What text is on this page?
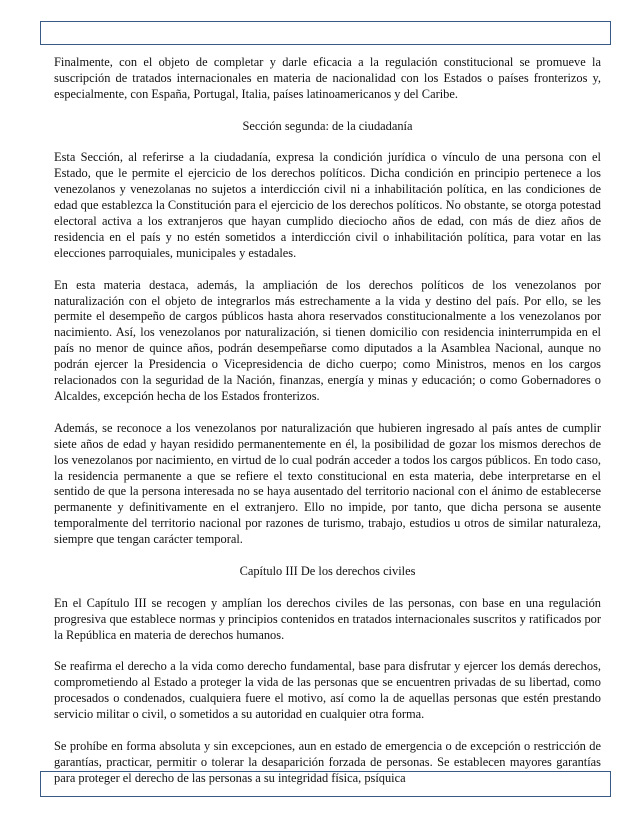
Finalmente, con el objeto de completar y darle eficacia a la regulación constitucional se promueve la suscripción de tratados internacionales en materia de nacionalidad con los Estados o países fronterizos y, especialmente, con España, Portugal, Italia, países latinoamericanos y del Caribe.

Sección segunda: de la ciudadanía

Esta Sección, al referirse a la ciudadanía, expresa la condición jurídica o vínculo de una persona con el Estado, que le permite el ejercicio de los derechos políticos. Dicha condición en principio pertenece a los venezolanos y venezolanas no sujetos a interdicción civil ni a inhabilitación política, en las condiciones de edad que establezca la Constitución para el ejercicio de los derechos políticos. No obstante, se otorga potestad electoral activa a los extranjeros que hayan cumplido dieciocho años de edad, con más de diez años de residencia en el país y no estén sometidos a interdicción civil o inhabilitación política, para votar en las elecciones parroquiales, municipales y estadales.

En esta materia destaca, además, la ampliación de los derechos políticos de los venezolanos por naturalización con el objeto de integrarlos más estrechamente a la vida y destino del país. Por ello, se les permite el desempeño de cargos públicos hasta ahora reservados constitucionalmente a los venezolanos por nacimiento. Así, los venezolanos por naturalización, si tienen domicilio con residencia ininterrumpida en el país no menor de quince años, podrán desempeñarse como diputados a la Asamblea Nacional, aunque no podrán ejercer la Presidencia o Vicepresidencia de dicho cuerpo; como Ministros, menos en los cargos relacionados con la seguridad de la Nación, finanzas, energía y minas y educación; o como Gobernadores o Alcaldes, excepción hecha de los Estados fronterizos.

Además, se reconoce a los venezolanos por naturalización que hubieren ingresado al país antes de cumplir siete años de edad y hayan residido permanentemente en él, la posibilidad de gozar los mismos derechos de los venezolanos por nacimiento, en virtud de lo cual podrán acceder a todos los cargos públicos. En todo caso, la residencia permanente a que se refiere el texto constitucional en esta materia, debe interpretarse en el sentido de que la persona interesada no se haya ausentado del territorio nacional con el ánimo de establecerse permanente y definitivamente en el extranjero. Ello no impide, por tanto, que dicha persona se ausente temporalmente del territorio nacional por razones de turismo, trabajo, estudios u otros de similar naturaleza, siempre que tengan carácter temporal.

Capítulo III De los derechos civiles

En el Capítulo III se recogen y amplían los derechos civiles de las personas, con base en una regulación progresiva que establece normas y principios contenidos en tratados internacionales suscritos y ratificados por la República en materia de derechos humanos.

Se reafirma el derecho a la vida como derecho fundamental, base para disfrutar y ejercer los demás derechos, comprometiendo al Estado a proteger la vida de las personas que se encuentren privadas de su libertad, como procesados o condenados, cualquiera fuere el motivo, así como la de aquellas personas que estén prestando servicio militar o civil, o sometidos a su autoridad en cualquier otra forma.

Se prohíbe en forma absoluta y sin excepciones, aun en estado de emergencia o de excepción o restricción de garantías, practicar, permitir o tolerar la desaparición forzada de personas. Se establecen mayores garantías para proteger el derecho de las personas a su integridad física, psíquica
